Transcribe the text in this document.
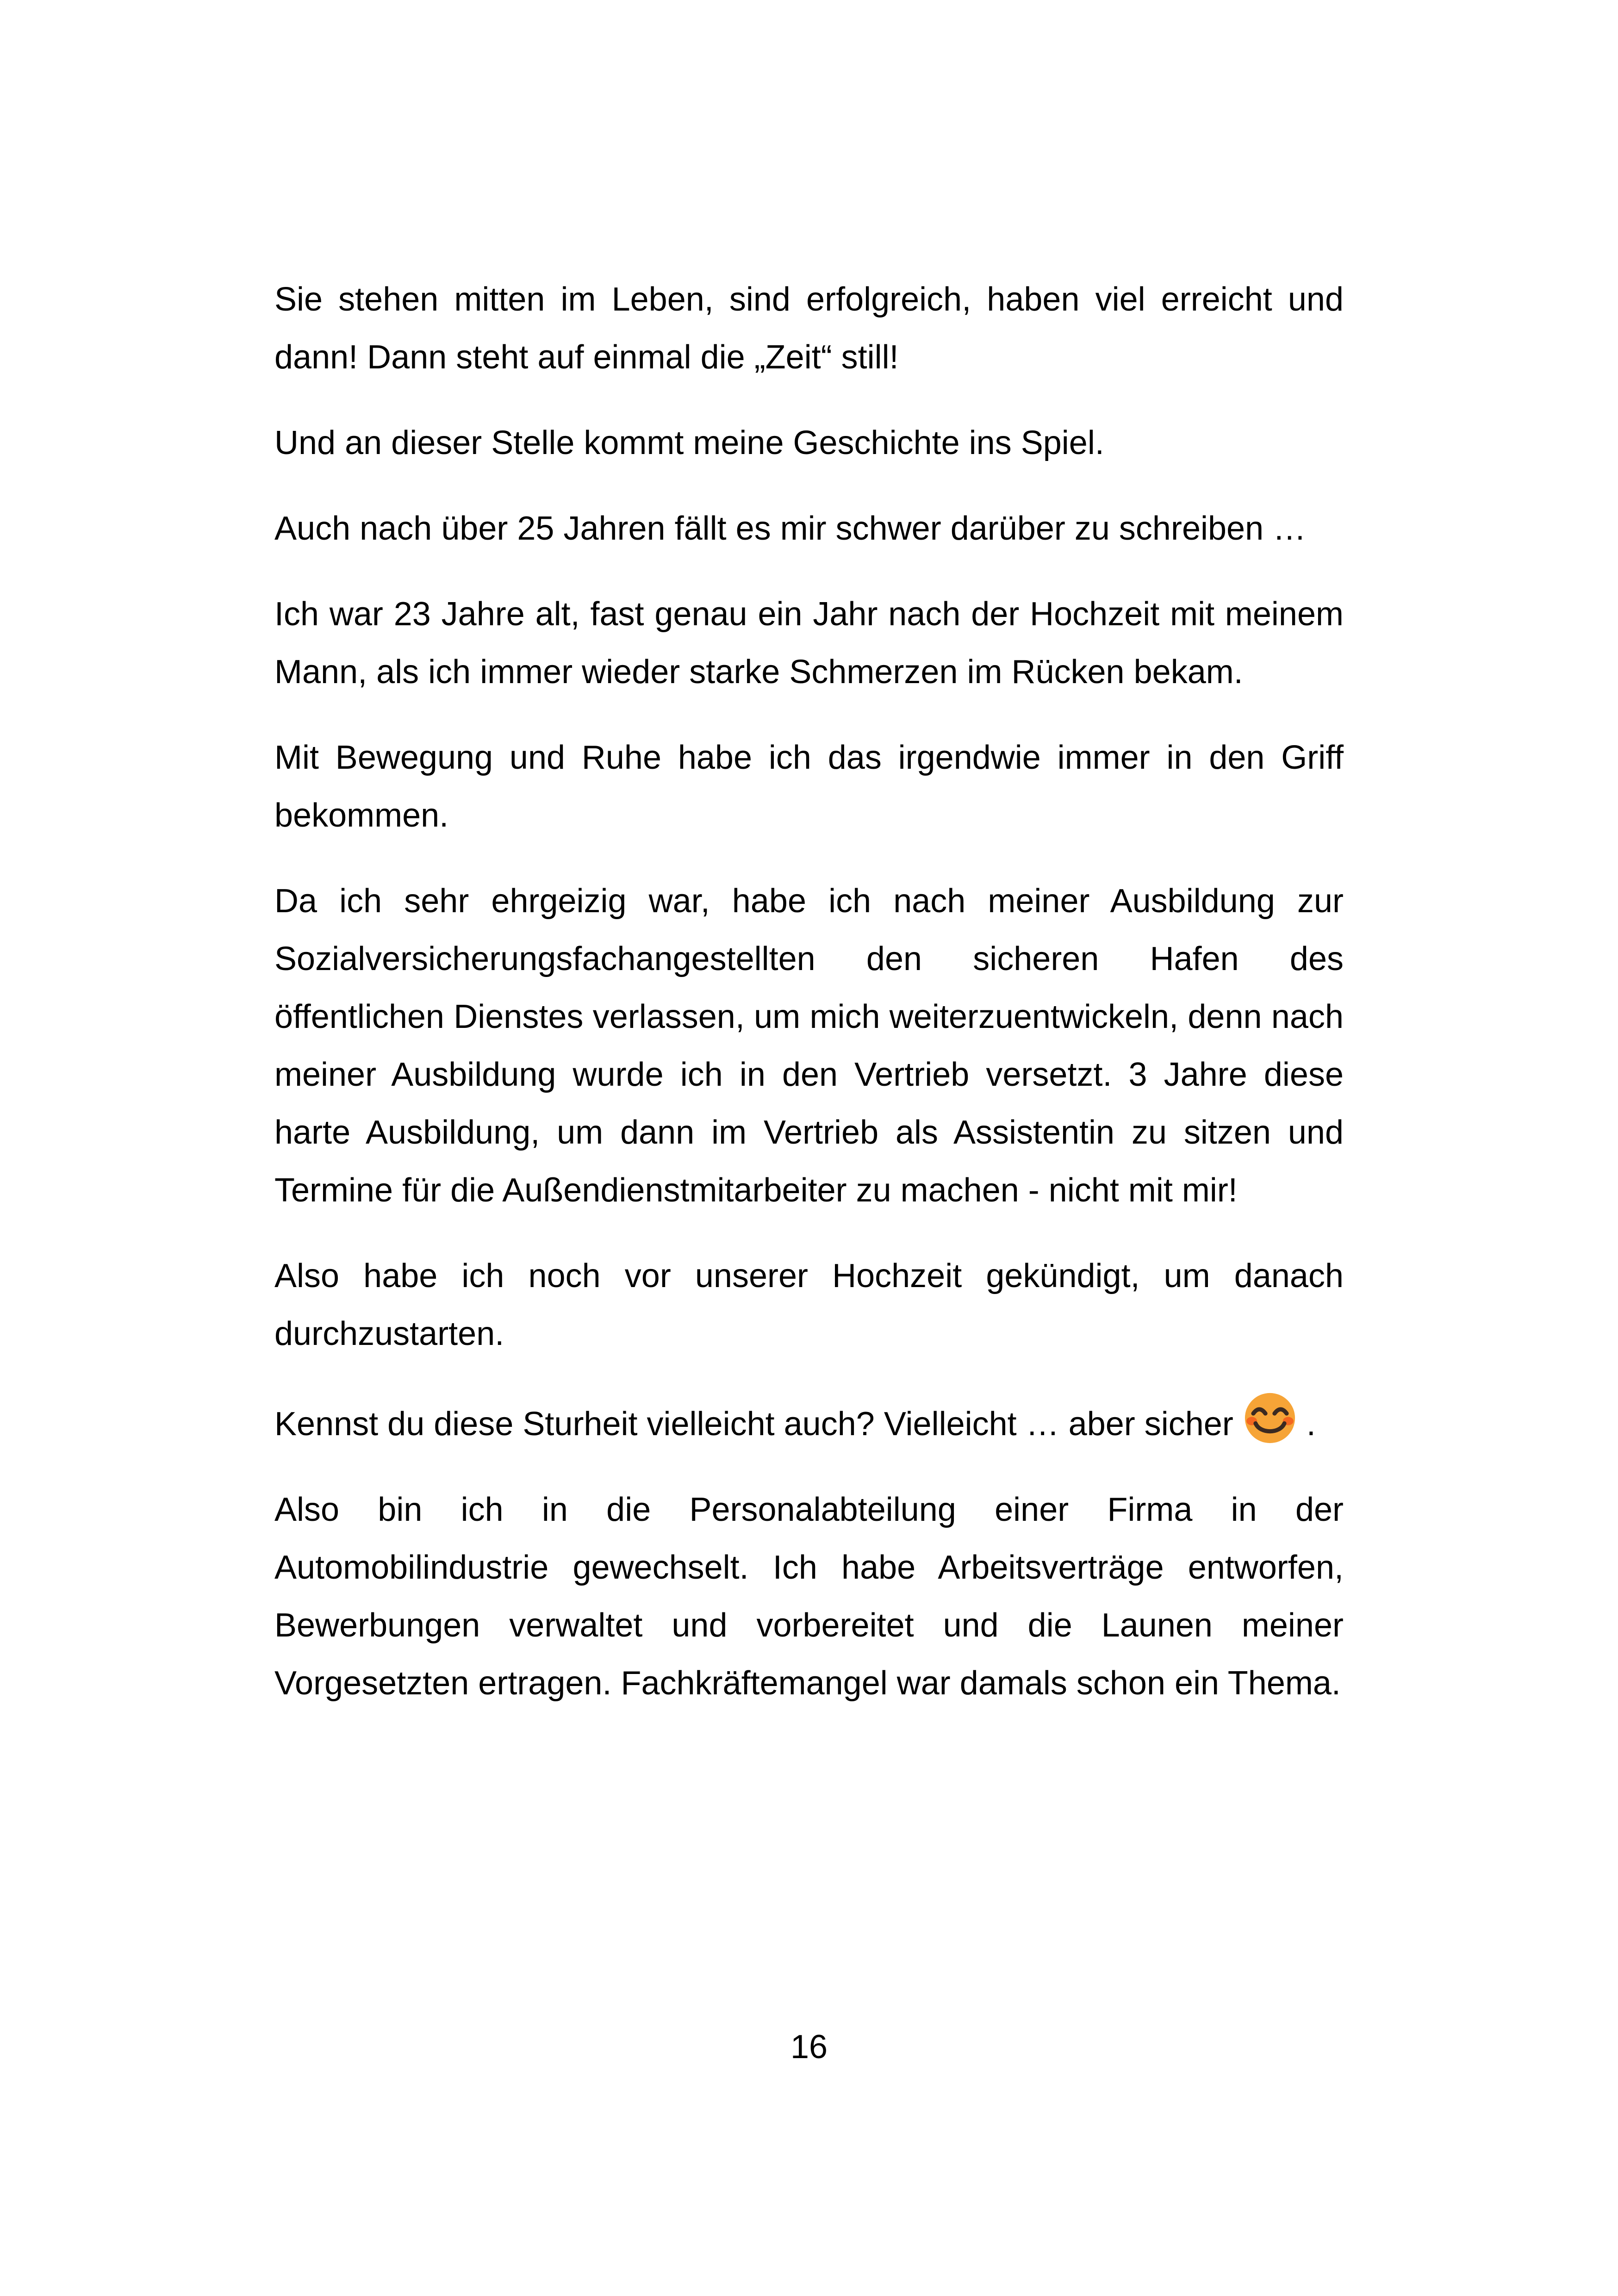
Sie stehen mitten im Leben, sind erfolgreich, haben viel erreicht und dann! Dann steht auf einmal die „Zeit“ still!

Und an dieser Stelle kommt meine Geschichte ins Spiel.

Auch nach über 25 Jahren fällt es mir schwer darüber zu schreiben …

Ich war 23 Jahre alt, fast genau ein Jahr nach der Hochzeit mit meinem Mann, als ich immer wieder starke Schmerzen im Rücken bekam.

Mit Bewegung und Ruhe habe ich das irgendwie immer in den Griff bekommen.

Da ich sehr ehrgeizig war, habe ich nach meiner Ausbildung zur Sozialversicherungsfachangestellten den sicheren Hafen des öffentlichen Dienstes verlassen, um mich weiterzuentwickeln, denn nach meiner Ausbildung wurde ich in den Vertrieb versetzt. 3 Jahre diese harte Ausbildung, um dann im Vertrieb als Assistentin zu sitzen und Termine für die Außendienstmitarbeiter zu machen - nicht mit mir!

Also habe ich noch vor unserer Hochzeit gekündigt, um danach durchzustarten.

Kennst du diese Sturheit vielleicht auch? Vielleicht … aber sicher  .

Also bin ich in die Personalabteilung einer Firma in der Automobilindustrie gewechselt. Ich habe Arbeitsverträge entworfen, Bewerbungen verwaltet und vorbereitet und die Launen meiner Vorgesetzten ertragen. Fachkräftemangel war damals schon ein Thema.

16
